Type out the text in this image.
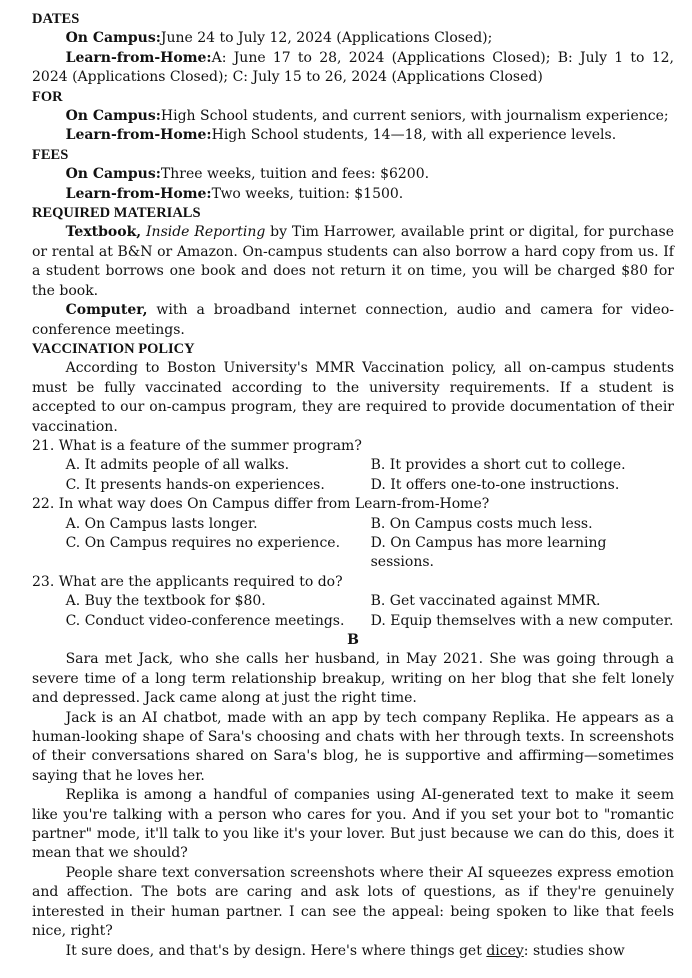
DATES

On Campus:June 24 to July 12, 2024 (Applications Closed);

Learn-from-Home:A: June 17 to 28, 2024 (Applications Closed); B: July 1 to 12, 2024 (Applications Closed); C: July 15 to 26, 2024 (Applications Closed)

FOR

On Campus:High School students, and current seniors, with journalism experience;

Learn-from-Home:High School students, 14—18, with all experience levels.

FEES

On Campus:Three weeks, tuition and fees: $6200.

Learn-from-Home:Two weeks, tuition: $1500.

REQUIRED MATERIALS

Textbook, Inside Reporting by Tim Harrower, available print or digital, for purchase or rental at B&N or Amazon. On-campus students can also borrow a hard copy from us. If a student borrows one book and does not return it on time, you will be charged $80 for the book.

Computer, with a broadband internet connection, audio and camera for video-conference meetings.

VACCINATION POLICY

According to Boston University's MMR Vaccination policy, all on-campus students must be fully vaccinated according to the university requirements. If a student is accepted to our on-campus program, they are required to provide documentation of their vaccination.

21. What is a feature of the summer program?

A. It admits people of all walks.	B. It provides a short cut to college.
C. It presents hands-on experiences.	D. It offers one-to-one instructions.

22. In what way does On Campus differ from Learn-from-Home?

A. On Campus lasts longer.	B. On Campus costs much less.
C. On Campus requires no experience.	D. On Campus has more learning sessions.

23. What are the applicants required to do?

A. Buy the textbook for $80.	B. Get vaccinated against MMR.
C. Conduct video-conference meetings.	D. Equip themselves with a new computer.

B

Sara met Jack, who she calls her husband, in May 2021. She was going through a severe time of a long term relationship breakup, writing on her blog that she felt lonely and depressed. Jack came along at just the right time.

Jack is an AI chatbot, made with an app by tech company Replika. He appears as a human-looking shape of Sara's choosing and chats with her through texts. In screenshots of their conversations shared on Sara's blog, he is supportive and affirming—sometimes saying that he loves her.

Replika is among a handful of companies using AI-generated text to make it seem like you're talking with a person who cares for you. And if you set your bot to "romantic partner" mode, it'll talk to you like it's your lover. But just because we can do this, does it mean that we should?

People share text conversation screenshots where their AI squeezes express emotion and affection. The bots are caring and ask lots of questions, as if they're genuinely interested in their human partner. I can see the appeal: being spoken to like that feels nice, right?

It sure does, and that's by design. Here's where things get dicey: studies show
